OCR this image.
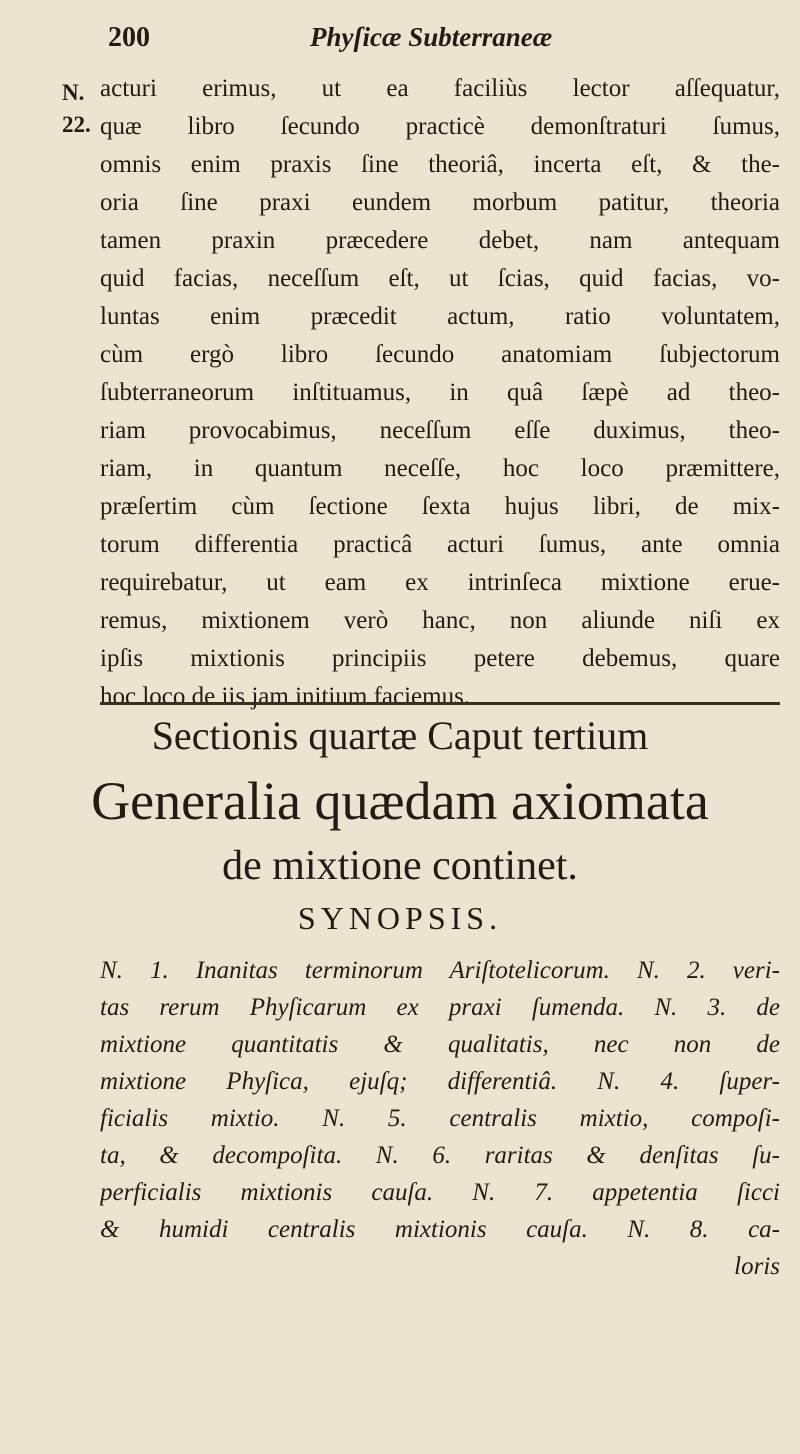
200	Phyſicæ Subterraneæ
N.
22.
acturi erimus, ut ea faciliùs lector aſſequatur,
quæ libro ſecundo practicè demonſtraturi ſumus,
omnis enim praxis ſine theoriâ, incerta eſt, & the-
oria ſine praxi eundem morbum patitur, theoria
tamen praxin præcedere debet, nam antequam
quid facias, neceſſum eſt, ut ſcias, quid facias, vo-
luntas enim præcedit actum, ratio voluntatem,
cùm ergò libro ſecundo anatomiam ſubjectorum
ſubterraneorum inſtituamus, in quâ ſæpè ad theo-
riam provocabimus, neceſſum eſſe duximus, theo-
riam, in quantum neceſſe, hoc loco præmittere,
præſertim cùm ſectione ſexta hujus libri, de mix-
torum differentia practicâ acturi ſumus, ante omnia
requirebatur, ut eam ex intrinſeca mixtione erue-
remus, mixtionem verò hanc, non aliunde niſi ex
ipſis mixtionis principiis petere debemus, quare
hoc loco de iis jam initium faciemus.
Sectionis quartæ Caput tertium
Generalia quædam axiomata
de mixtione continet.
SYNOPSIS.
N. 1. Inanitas terminorum Ariſtotelicorum. N. 2. veri-
tas rerum Phyſicarum ex praxi ſumenda. N. 3. de
mixtione quantitatis & qualitatis, nec non de
mixtione Phyſica, ejuſq; differentiâ. N. 4. ſuper-
ficialis mixtio. N. 5. centralis mixtio, compoſi-
ta, & decompoſita. N. 6. raritas & denſitas ſu-
perficialis mixtionis cauſa. N. 7. appetentia ſicci
& humidi centralis mixtionis cauſa. N. 8. ca-
loris
